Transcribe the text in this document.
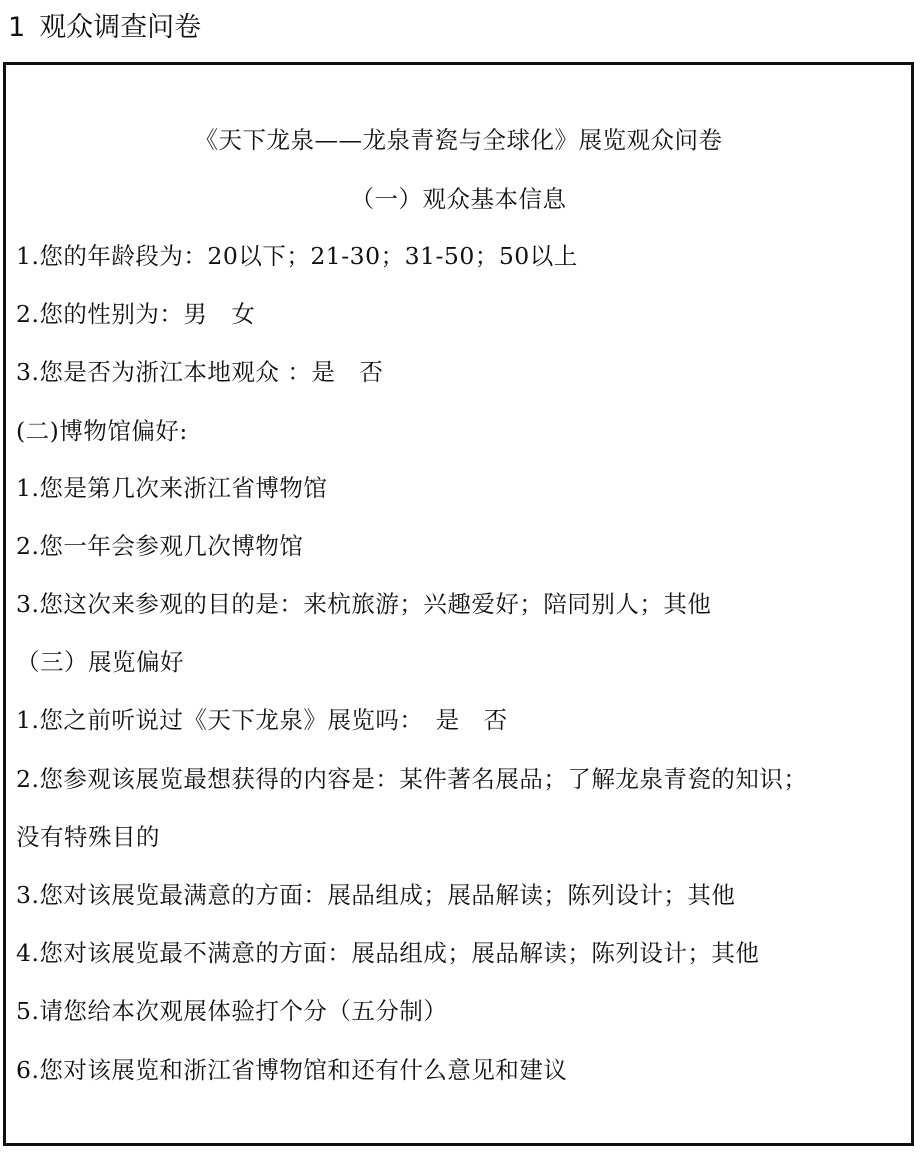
1 观众调查问卷
《天下龙泉——龙泉青瓷与全球化》展览观众问卷
（一）观众基本信息
1.您的年龄段为：20以下；21-30；31-50；50以上
2.您的性别为：男　女
3.您是否为浙江本地观众 ：是　否
(二)博物馆偏好:
1.您是第几次来浙江省博物馆
2.您一年会参观几次博物馆
3.您这次来参观的目的是：来杭旅游；兴趣爱好；陪同别人；其他
（三）展览偏好
1.您之前听说过《天下龙泉》展览吗：　是　否
2.您参观该展览最想获得的内容是：某件著名展品；了解龙泉青瓷的知识；
没有特殊目的
3.您对该展览最满意的方面：展品组成；展品解读；陈列设计；其他
4.您对该展览最不满意的方面：展品组成；展品解读；陈列设计；其他
5.请您给本次观展体验打个分（五分制）
6.您对该展览和浙江省博物馆和还有什么意见和建议
